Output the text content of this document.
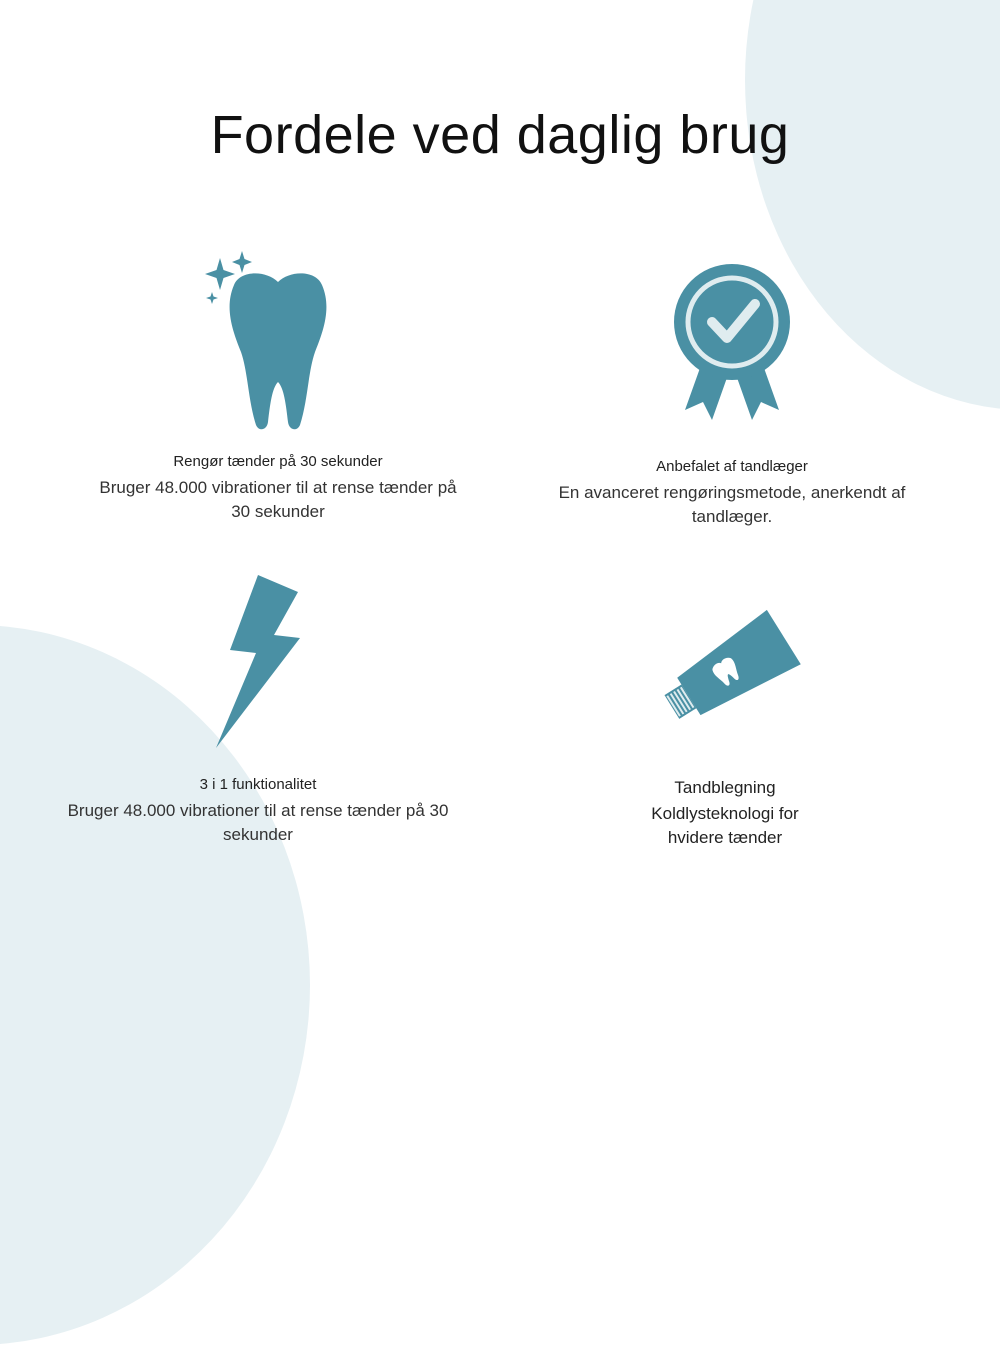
Fordele ved daglig brug

Rengør tænder på 30 sekunder

Bruger 48.000 vibrationer til at rense tænder på
30 sekunder

Anbefalet af tandlæger

En avanceret rengøringsmetode, anerkendt af
tandlæger.

3 i 1 funktionalitet

Bruger 48.000 vibrationer til at rense tænder på 30
sekunder

Tandblegning

Koldlysteknologi for
hvidere tænder
